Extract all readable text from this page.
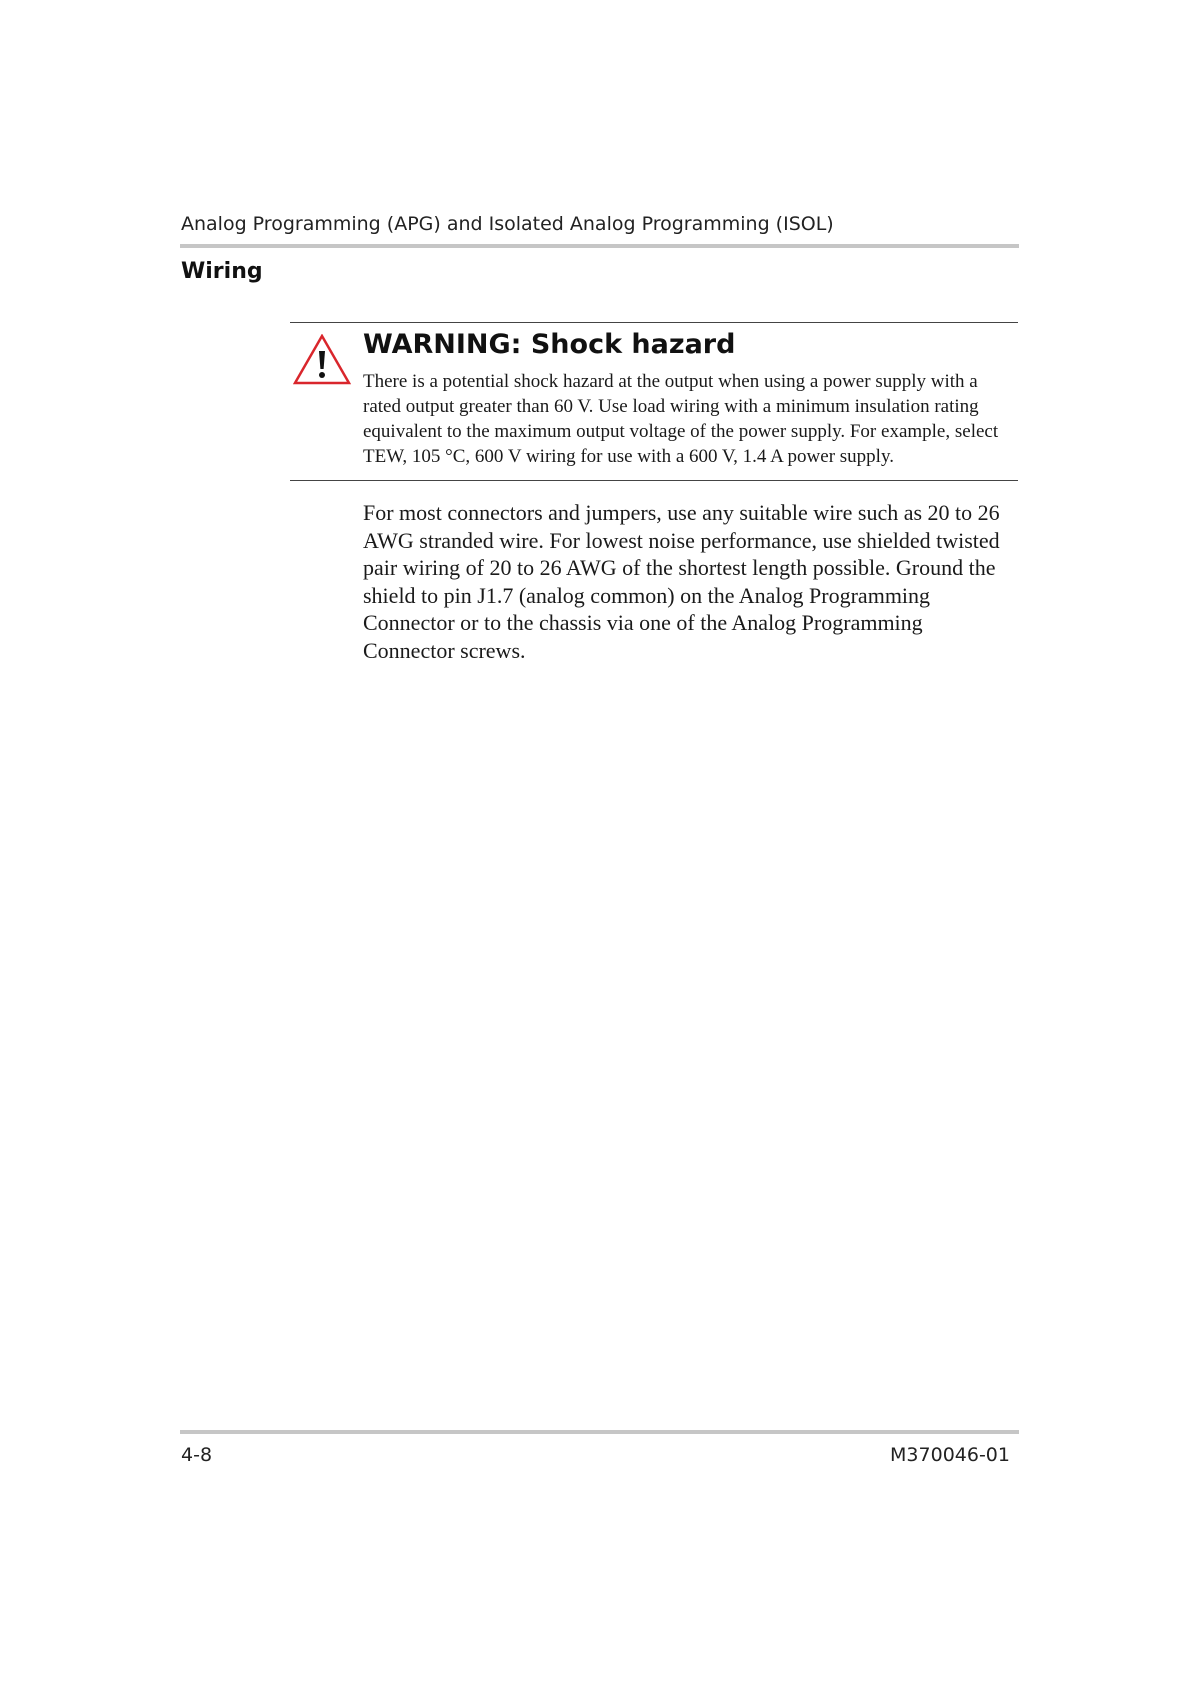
Analog Programming (APG) and Isolated Analog Programming (ISOL)
Wiring
WARNING: Shock hazard

There is a potential shock hazard at the output when using a power supply with a rated output greater than 60 V. Use load wiring with a minimum insulation rating equivalent to the maximum output voltage of the power supply. For example, select TEW, 105 °C, 600 V wiring for use with a 600 V, 1.4 A power supply.

For most connectors and jumpers, use any suitable wire such as 20 to 26 AWG stranded wire. For lowest noise performance, use shielded twisted pair wiring of 20 to 26 AWG of the shortest length possible. Ground the shield to pin J1.7 (analog common) on the Analog Programming Connector or to the chassis via one of the Analog Programming Connector screws.

4-8	M370046-01
